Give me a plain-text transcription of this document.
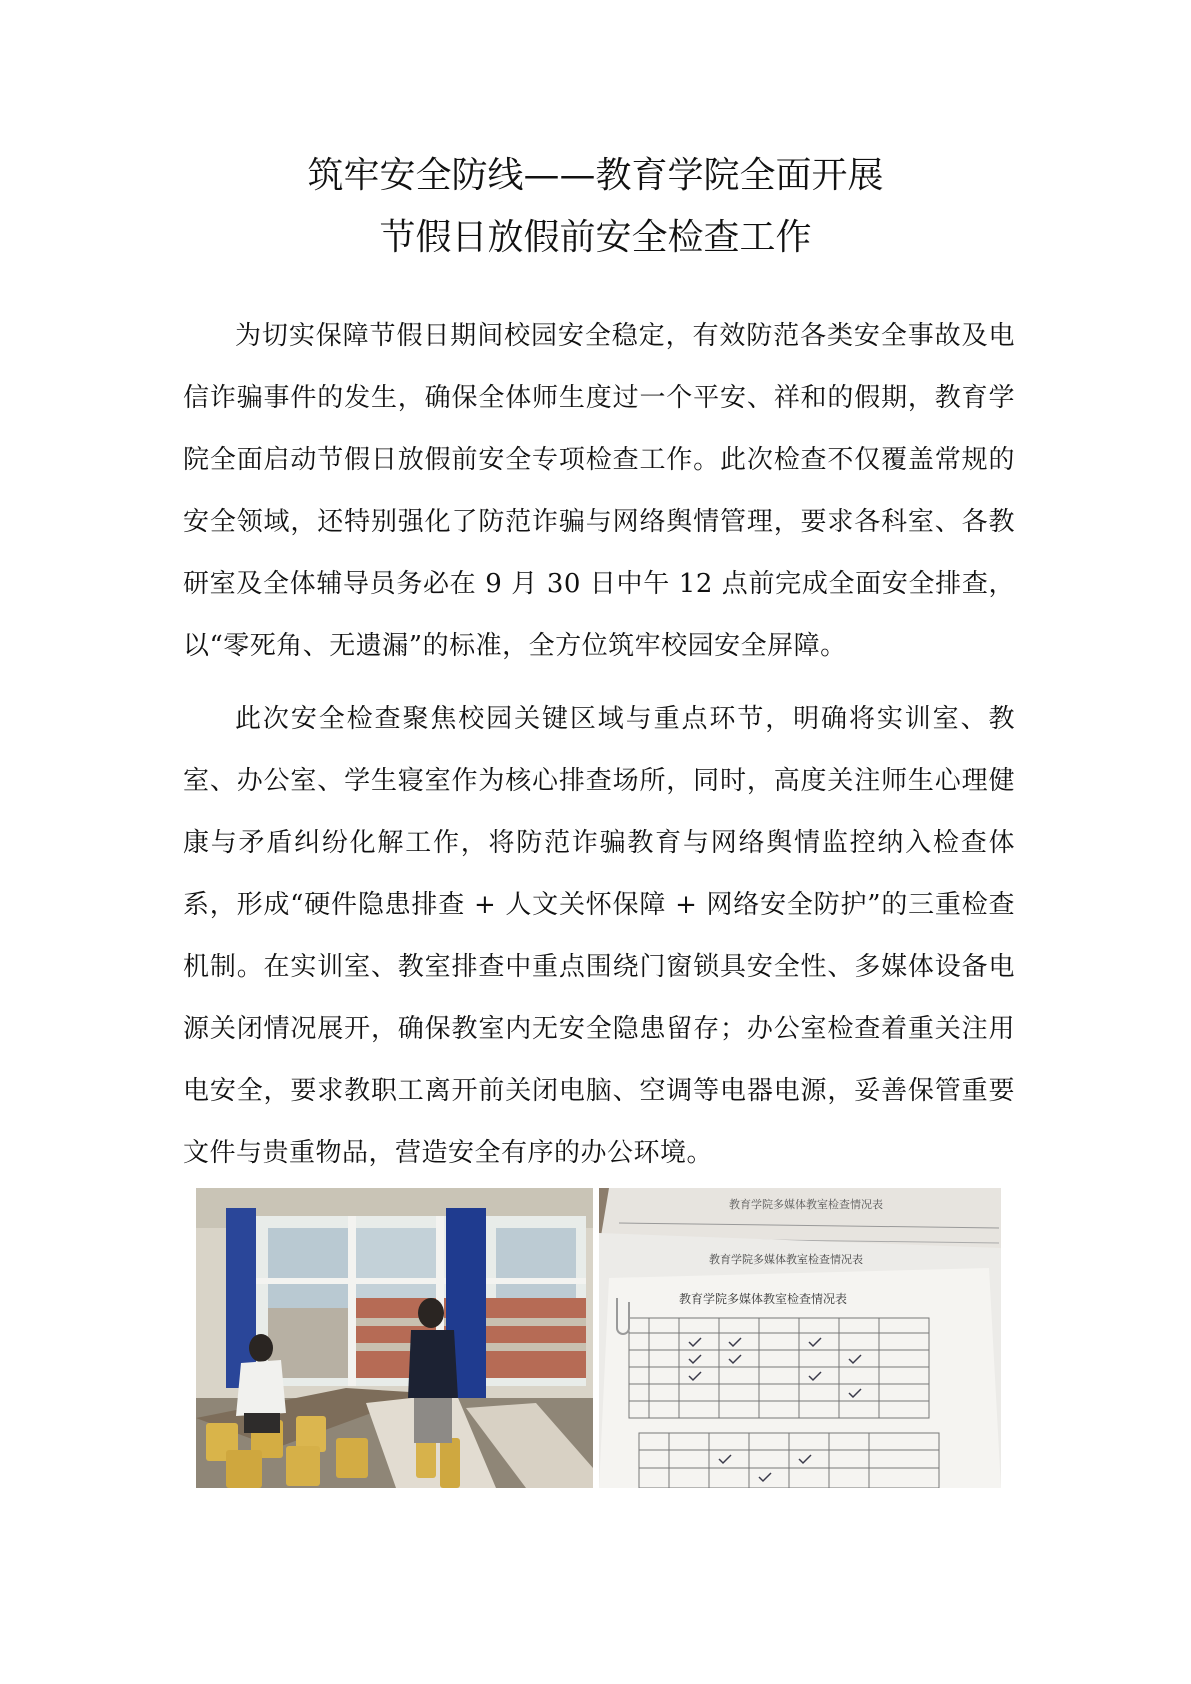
筑牢安全防线——教育学院全面开展
节假日放假前安全检查工作

为切实保障节假日期间校园安全稳定，有效防范各类安全事故及电信诈骗事件的发生，确保全体师生度过一个平安、祥和的假期，教育学院全面启动节假日放假前安全专项检查工作。此次检查不仅覆盖常规的安全领域，还特别强化了防范诈骗与网络舆情管理，要求各科室、各教研室及全体辅导员务必在 9 月 30 日中午 12 点前完成全面安全排查，以“零死角、无遗漏”的标准，全方位筑牢校园安全屏障。

此次安全检查聚焦校园关键区域与重点环节，明确将实训室、教室、办公室、学生寝室作为核心排查场所，同时，高度关注师生心理健康与矛盾纠纷化解工作，将防范诈骗教育与网络舆情监控纳入检查体系，形成“硬件隐患排查 + 人文关怀保障 + 网络安全防护”的三重检查机制。在实训室、教室排查中重点围绕门窗锁具安全性、多媒体设备电源关闭情况展开，确保教室内无安全隐患留存；办公室检查着重关注用电安全，要求教职工离开前关闭电脑、空调等电器电源，妥善保管重要文件与贵重物品，营造安全有序的办公环境。

教育学院多媒体教室检查情况表
教育学院多媒体教室检查情况表
教育学院多媒体教室检查情况表
